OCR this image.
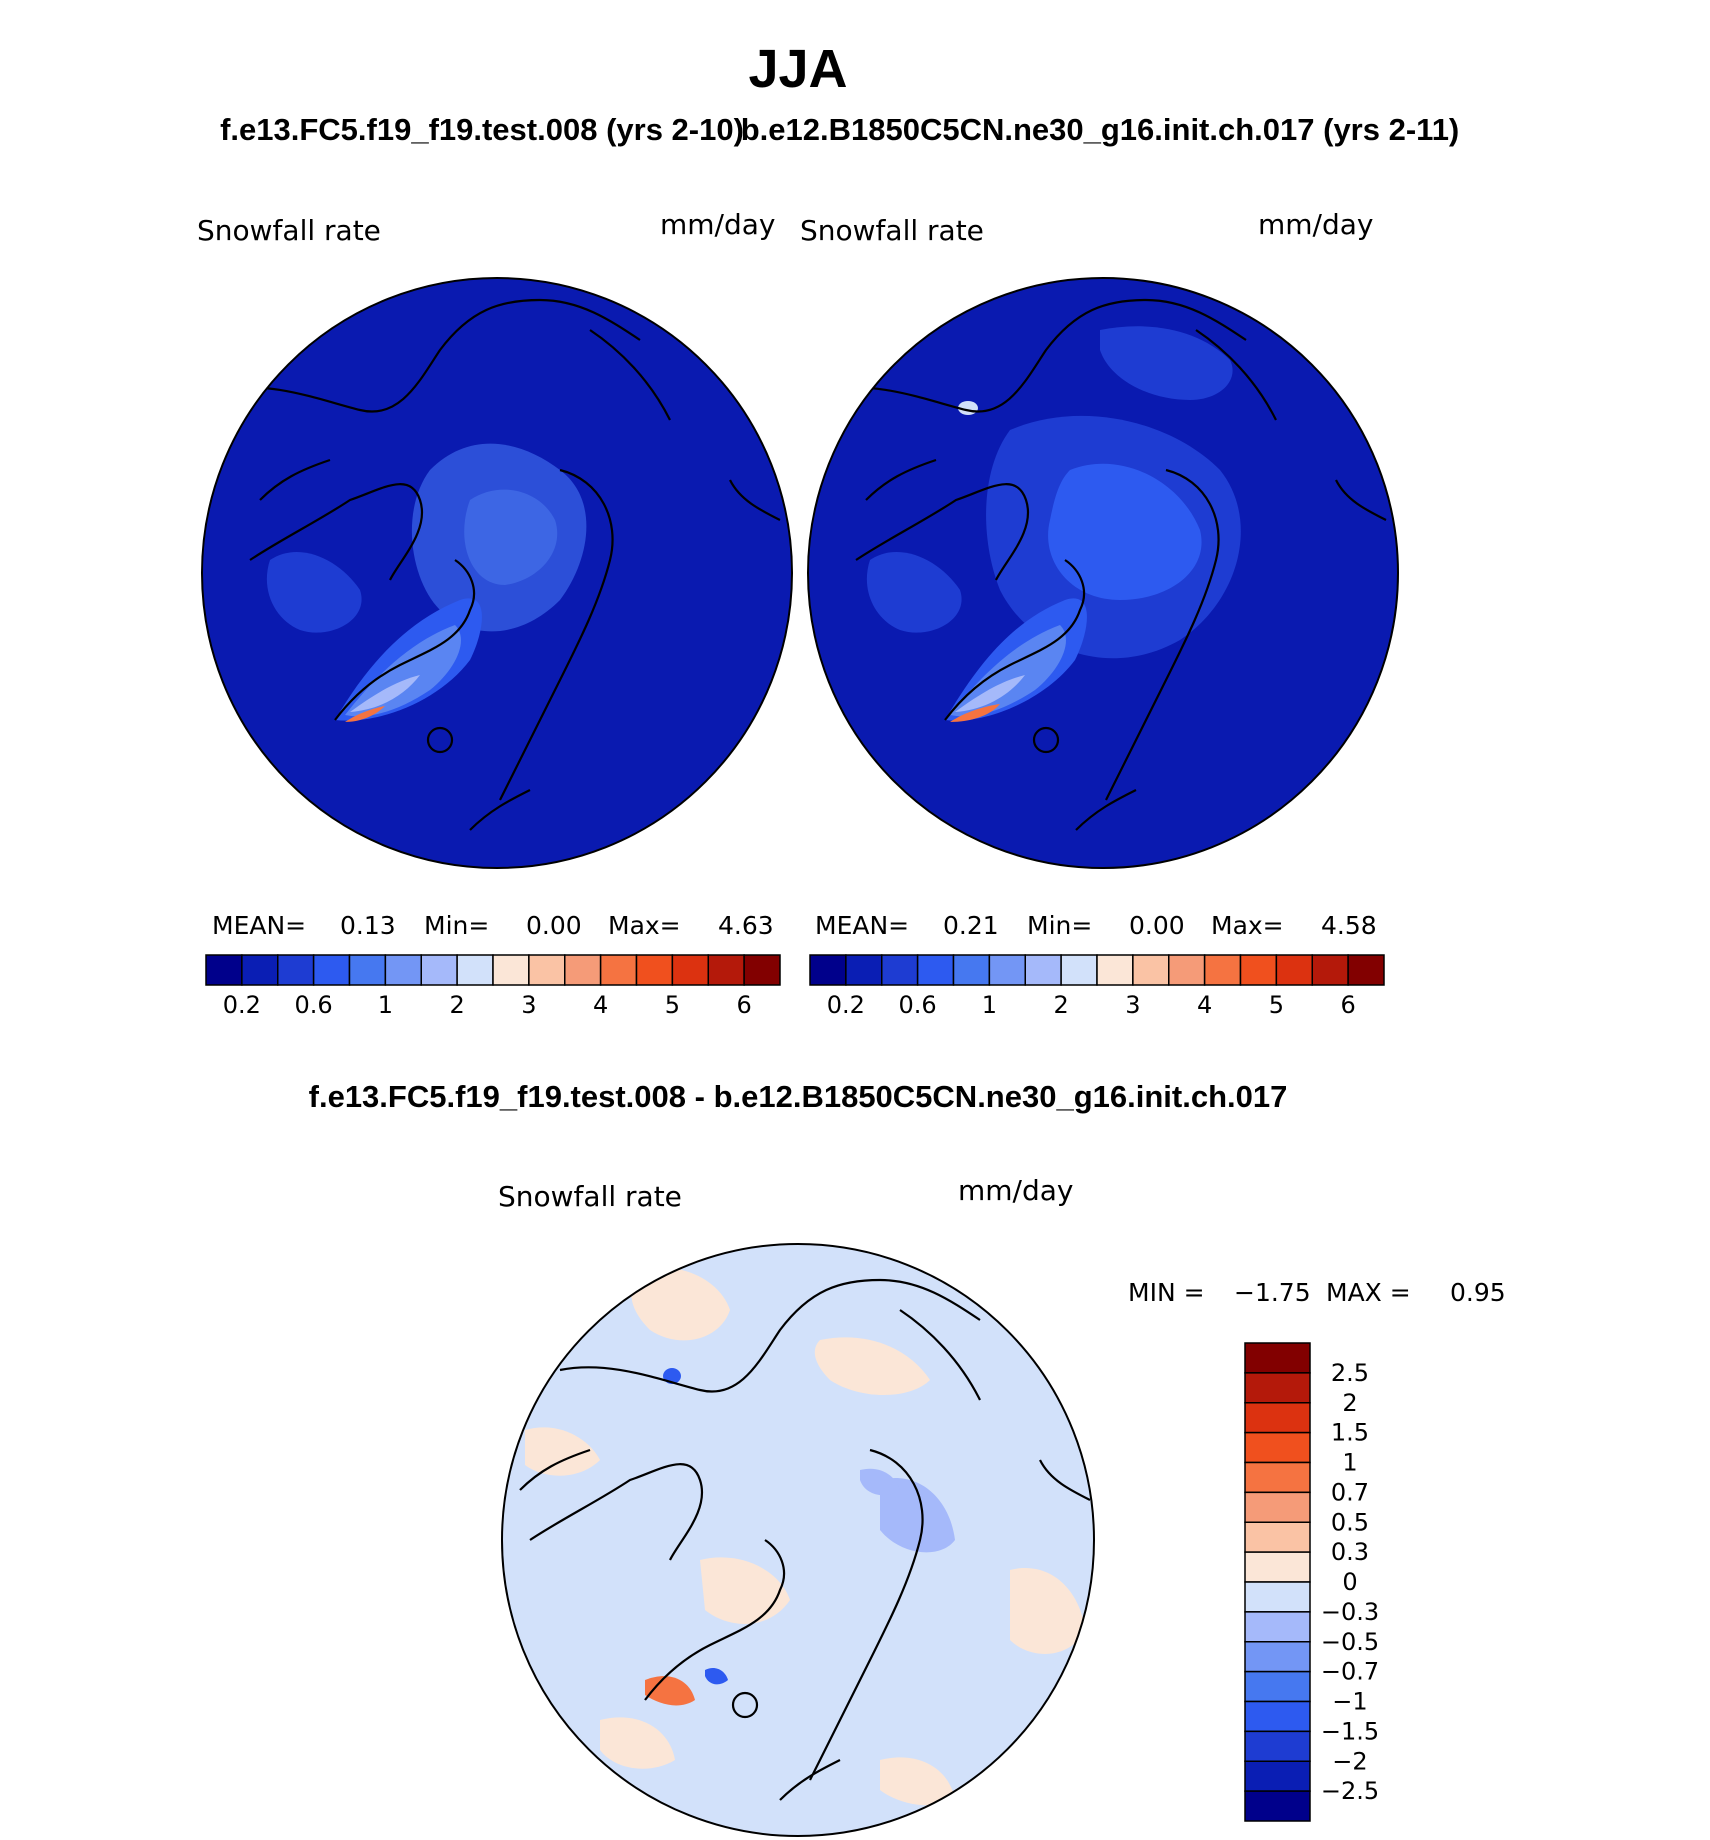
JJA
f.e13.FC5.f19_f19.test.008 (yrs 2-10)
b.e12.B1850C5CN.ne30_g16.init.ch.017 (yrs 2-11)
f.e13.FC5.f19_f19.test.008 - b.e12.B1850C5CN.ne30_g16.init.ch.017
Snowfall rate	mm/day Snowfall rate	mm/day
MEAN= 0.13 Min= 0.00 Max= 4.63
0.2 0.6 1 2 3 4 5 6
MEAN= 0.21 Min= 0.00 Max= 4.58
0.2 0.6 1 2 3 4 5 6
Snowfall rate	mm/day
MIN = −1.75 MAX = 0.95
2.5
2
1.5
1
0.7
0.5
0.3
0
−0.3
−0.5
−0.7
−1
−1.5
−2
−2.5
